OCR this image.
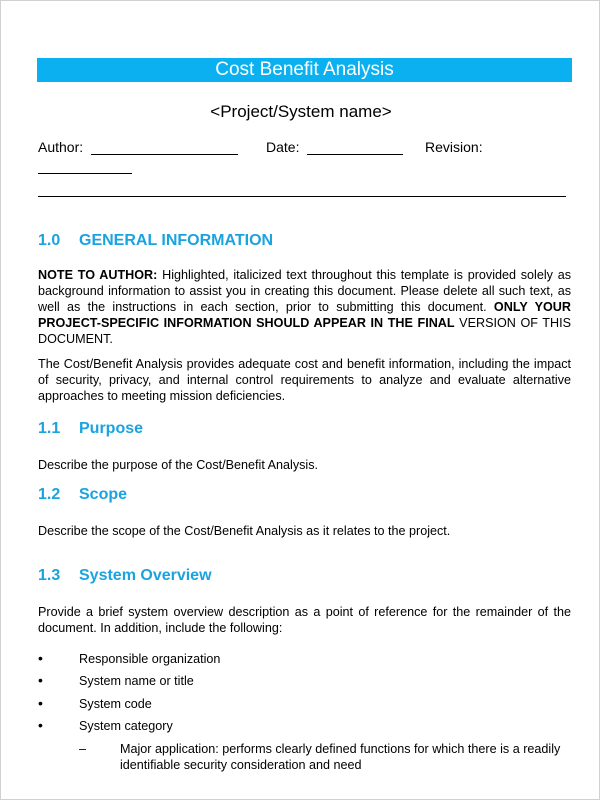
Cost Benefit Analysis
<Project/System name>
Author:	Date:	Revision:
1.0 GENERAL INFORMATION

NOTE TO AUTHOR: Highlighted, italicized text throughout this template is provided solely as background information to assist you in creating this document. Please delete all such text, as well as the instructions in each section, prior to submitting this document. ONLY YOUR PROJECT-SPECIFIC INFORMATION SHOULD APPEAR IN THE FINAL VERSION OF THIS DOCUMENT.

The Cost/Benefit Analysis provides adequate cost and benefit information, including the impact of security, privacy, and internal control requirements to analyze and evaluate alternative approaches to meeting mission deficiencies.

1.1 Purpose

Describe the purpose of the Cost/Benefit Analysis.

1.2 Scope

Describe the scope of the Cost/Benefit Analysis as it relates to the project.

1.3 System Overview

Provide a brief system overview description as a point of reference for the remainder of the document. In addition, include the following:

•	Responsible organization
•	System name or title
•	System code
•	System category
–	Major application: performs clearly defined functions for which there is a readily identifiable security consideration and need
